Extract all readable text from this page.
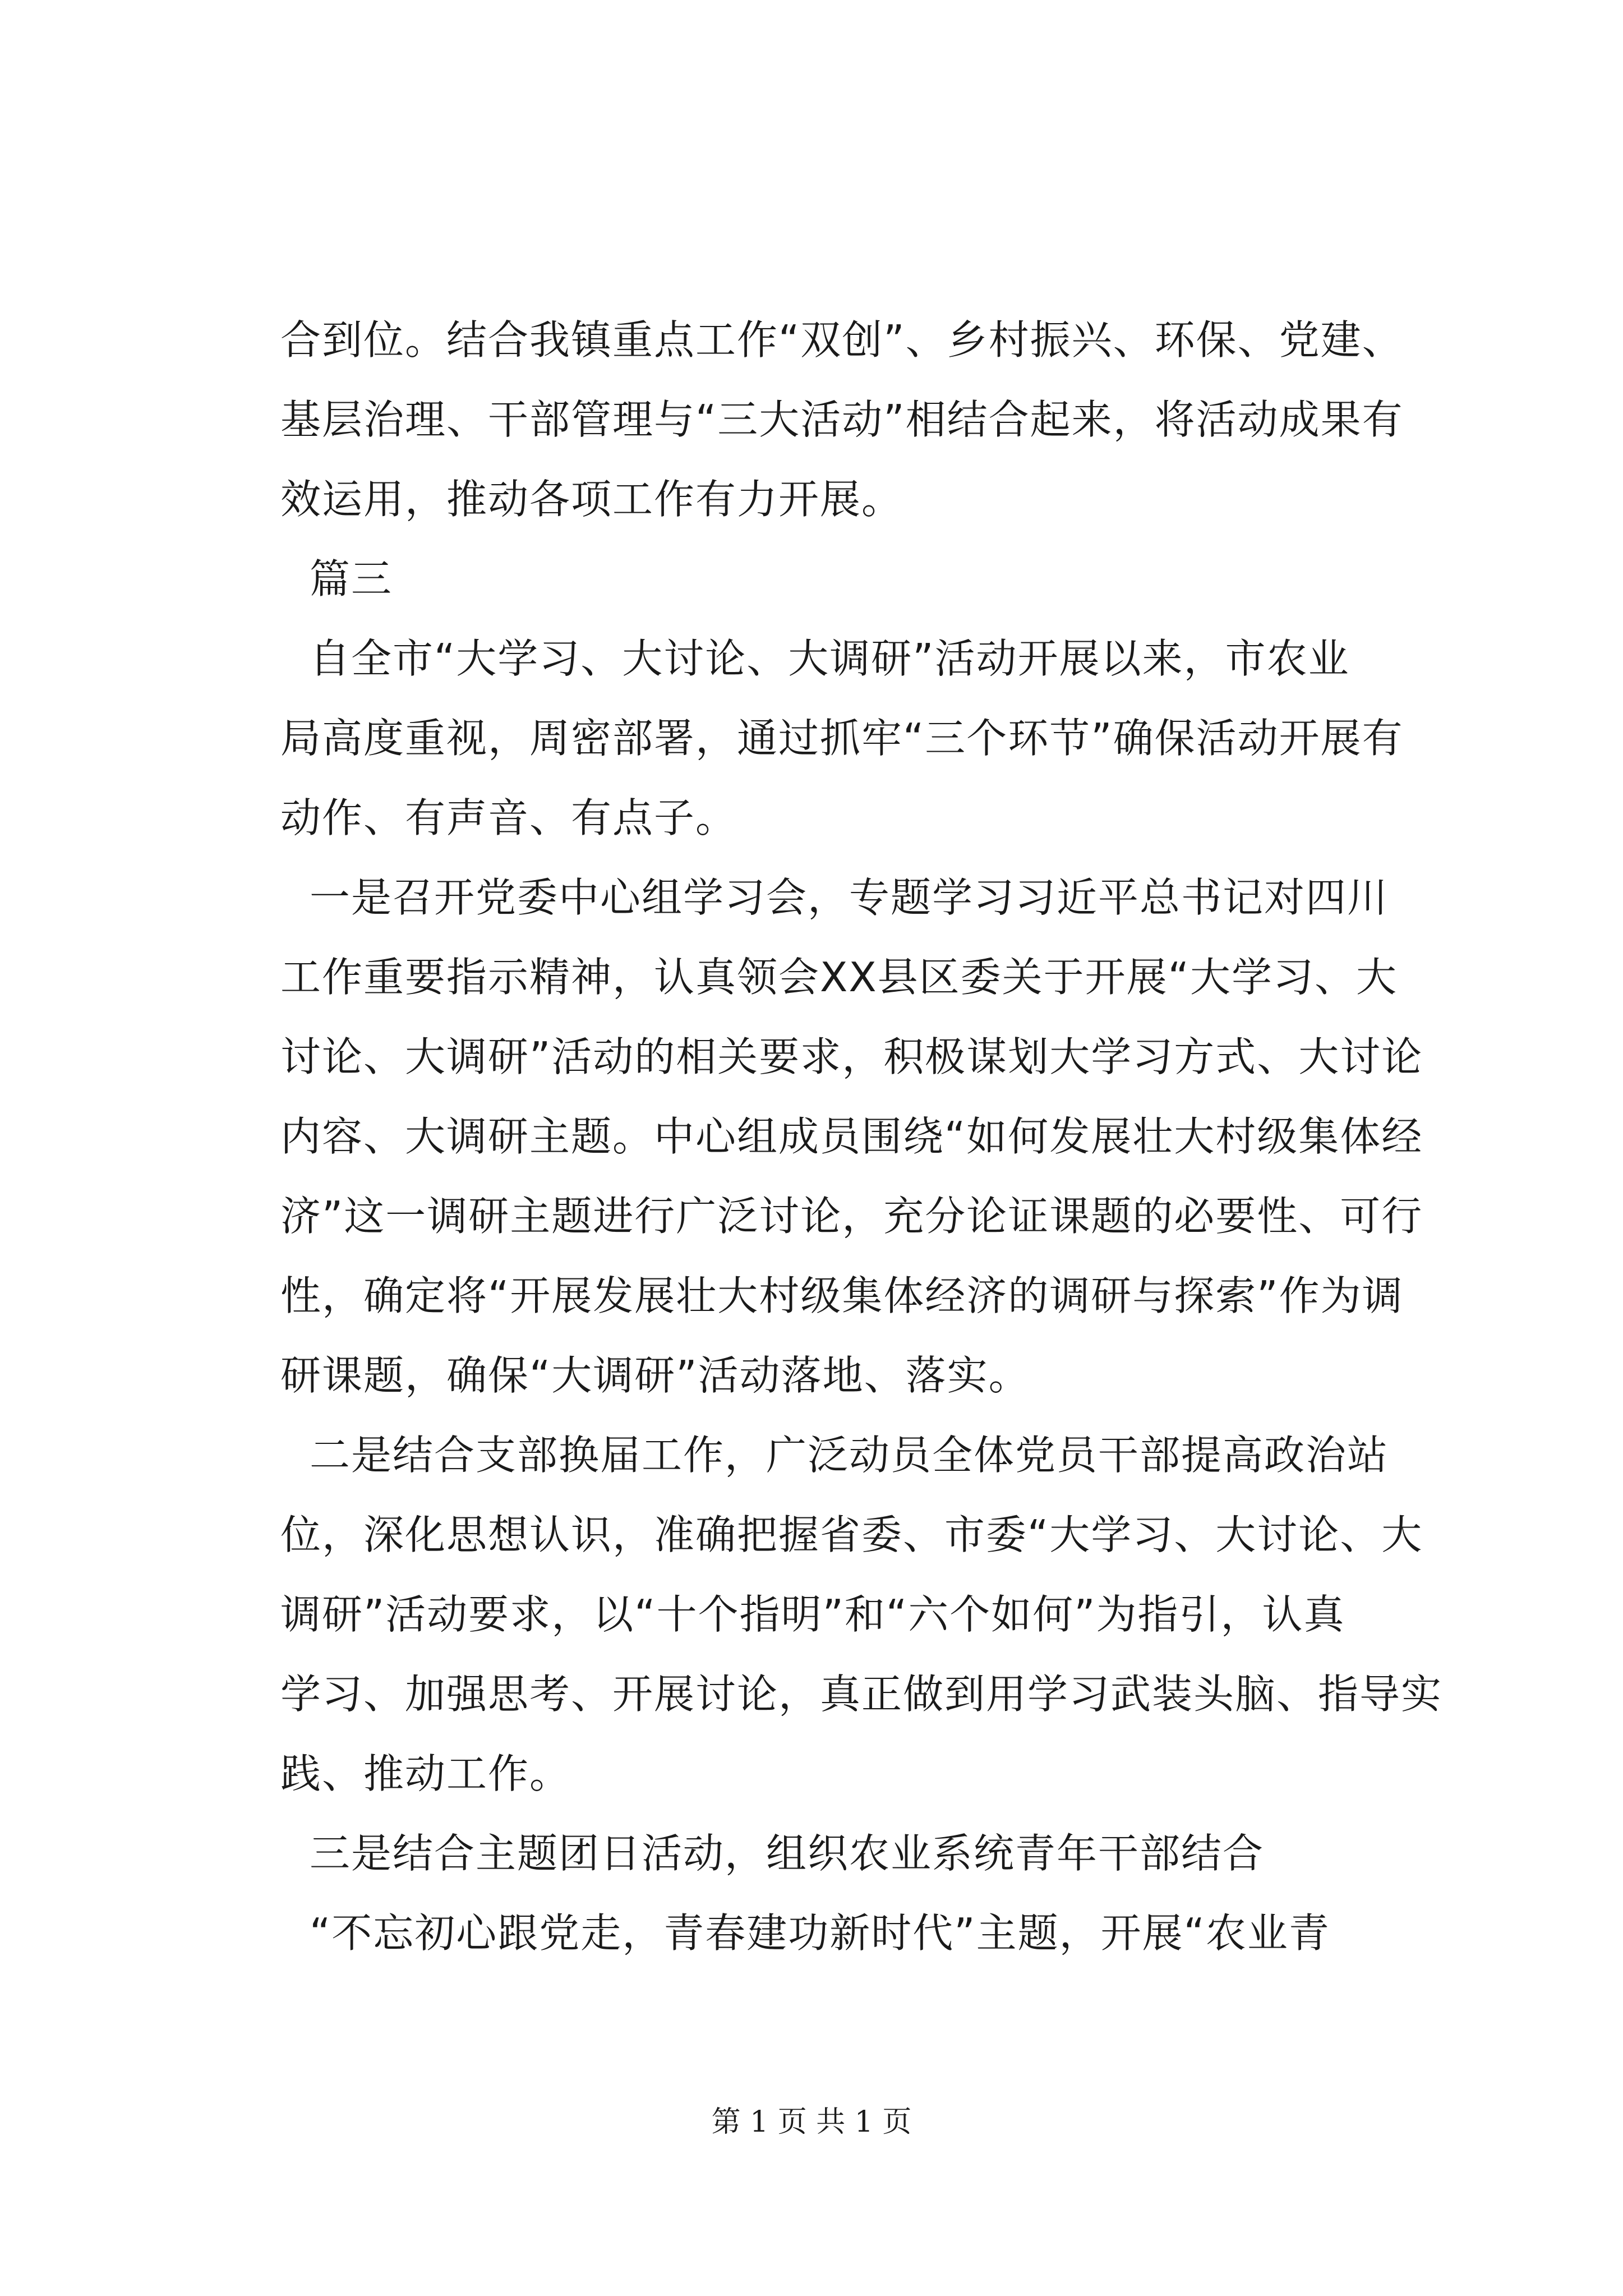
合到位。结合我镇重点工作“双创”、乡村振兴、环保、党建、
基层治理、干部管理与“三大活动”相结合起来，将活动成果有
效运用，推动各项工作有力开展。
篇三
自全市“大学习、大讨论、大调研”活动开展以来，市农业
局高度重视，周密部署，通过抓牢“三个环节”确保活动开展有
动作、有声音、有点子。
一是召开党委中心组学习会，专题学习习近平总书记对四川
工作重要指示精神，认真领会XX县区委关于开展“大学习、大
讨论、大调研”活动的相关要求，积极谋划大学习方式、大讨论
内容、大调研主题。中心组成员围绕“如何发展壮大村级集体经
济”这一调研主题进行广泛讨论，充分论证课题的必要性、可行
性，确定将“开展发展壮大村级集体经济的调研与探索”作为调
研课题，确保“大调研”活动落地、落实。
二是结合支部换届工作，广泛动员全体党员干部提高政治站
位，深化思想认识，准确把握省委、市委“大学习、大讨论、大
调研”活动要求，以“十个指明”和“六个如何”为指引，认真
学习、加强思考、开展讨论，真正做到用学习武装头脑、指导实
践、推动工作。
三是结合主题团日活动，组织农业系统青年干部结合
“不忘初心跟党走，青春建功新时代”主题，开展“农业青
第 1 页 共 1 页
